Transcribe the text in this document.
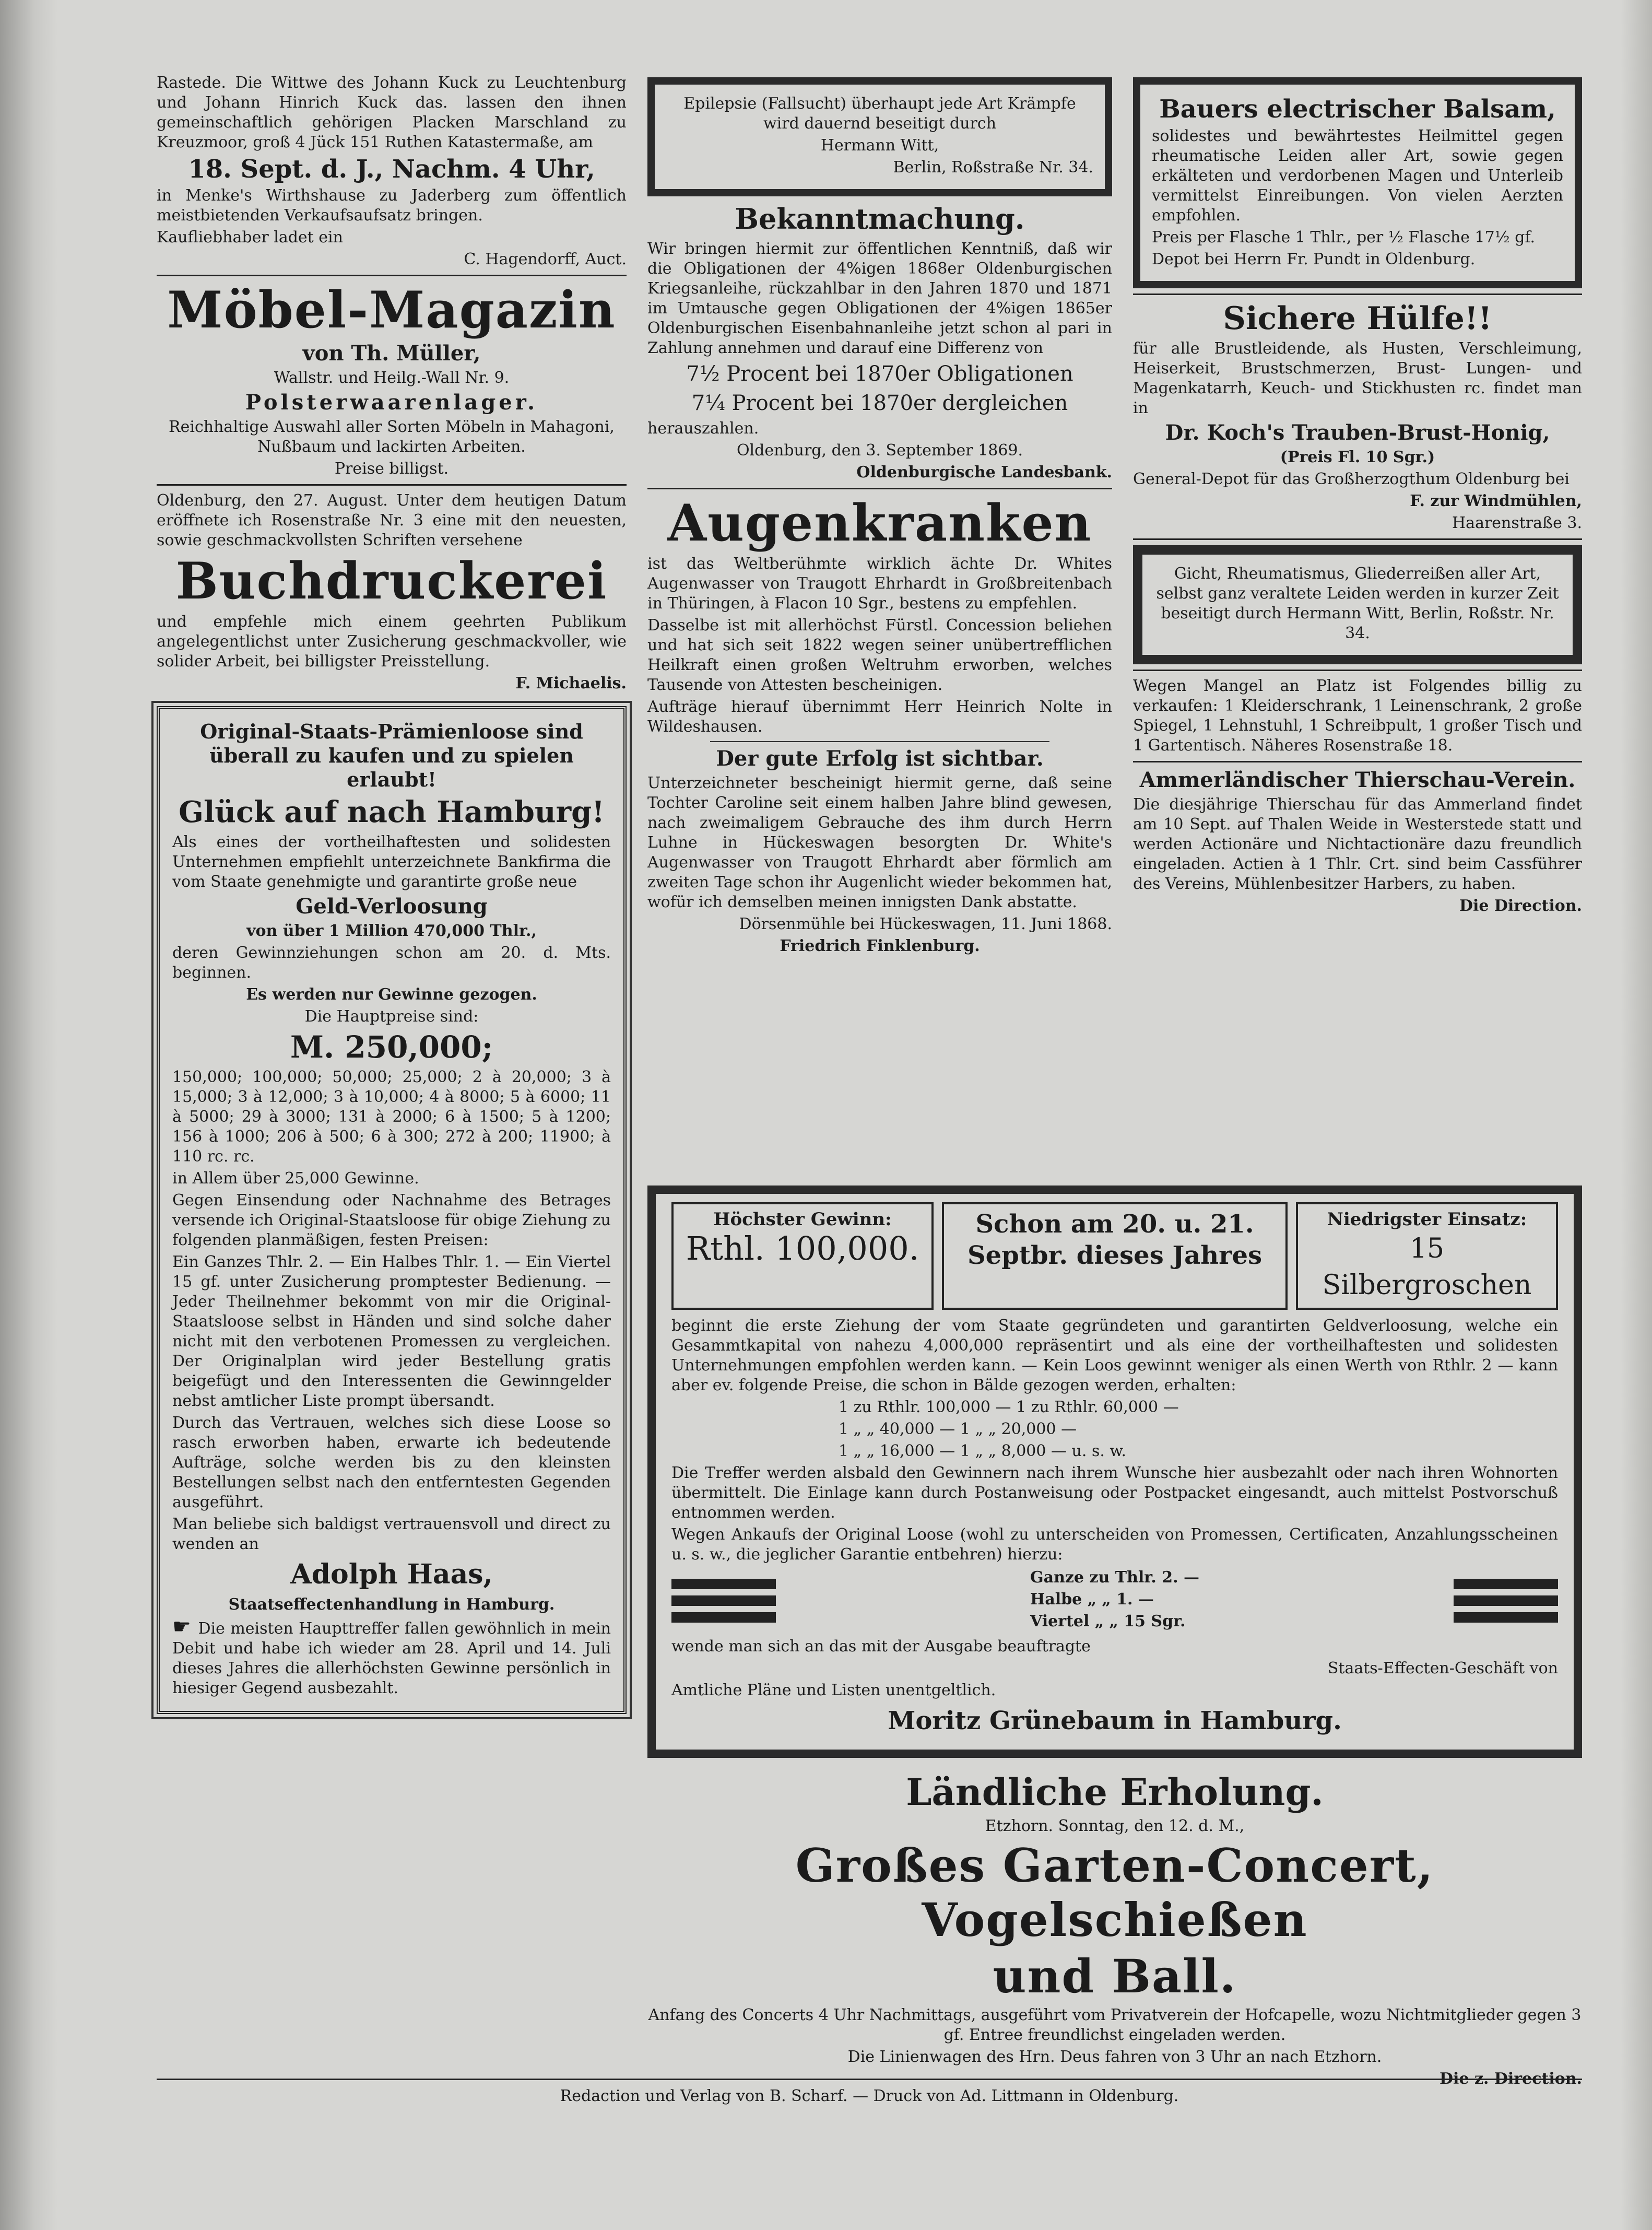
Rastede. Die Wittwe des Johann Kuck zu Leuchtenburg und Johann Hinrich Kuck das. lassen den ihnen gemeinschaftlich gehörigen Placken Marschland zu Kreuzmoor, groß 4 Jück 151 Ruthen Katastermaße, am

18. Sept. d. J., Nachm. 4 Uhr,

in Menke's Wirthshause zu Jaderberg zum öffentlich meistbietenden Verkaufsaufsatz bringen.

Kaufliebhaber ladet ein

C. Hagendorff, Auct.

Möbel-Magazin

von Th. Müller,

Wallstr. und Heilg.-Wall Nr. 9.

Polsterwaarenlager.

Reichhaltige Auswahl aller Sorten Möbeln in Mahagoni, Nußbaum und lackirten Arbeiten.

Preise billigst.

Oldenburg, den 27. August. Unter dem heutigen Datum eröffnete ich Rosenstraße Nr. 3 eine mit den neuesten, sowie geschmackvollsten Schriften versehene

Buchdruckerei

und empfehle mich einem geehrten Publikum angelegentlichst unter Zusicherung geschmackvoller, wie solider Arbeit, bei billigster Preisstellung.

F. Michaelis.

Original-Staats-Prämienloose sind überall zu kaufen und zu spielen erlaubt!

Glück auf nach Hamburg!

Als eines der vortheilhaftesten und solidesten Unternehmen empfiehlt unterzeichnete Bankfirma die vom Staate genehmigte und garantirte große neue

Geld-Verloosung

von über 1 Million 470,000 Thlr.,

deren Gewinnziehungen schon am 20. d. Mts. beginnen.

Es werden nur Gewinne gezogen.

Die Hauptpreise sind:

M. 250,000;

150,000; 100,000; 50,000; 25,000; 2 à 20,000; 3 à 15,000; 3 à 12,000; 3 à 10,000; 4 à 8000; 5 à 6000; 11 à 5000; 29 à 3000; 131 à 2000; 6 à 1500; 5 à 1200; 156 à 1000; 206 à 500; 6 à 300; 272 à 200; 11900; à 110 rc. rc.

in Allem über 25,000 Gewinne.

Gegen Einsendung oder Nachnahme des Betrages versende ich Original-Staatsloose für obige Ziehung zu folgenden planmäßigen, festen Preisen:

Ein Ganzes Thlr. 2. — Ein Halbes Thlr. 1. — Ein Viertel 15 gf. unter Zusicherung promptester Bedienung. — Jeder Theilnehmer bekommt von mir die Original-Staatsloose selbst in Händen und sind solche daher nicht mit den verbotenen Promessen zu vergleichen. Der Originalplan wird jeder Bestellung gratis beigefügt und den Interessenten die Gewinngelder nebst amtlicher Liste prompt übersandt.

Durch das Vertrauen, welches sich diese Loose so rasch erworben haben, erwarte ich bedeutende Aufträge, solche werden bis zu den kleinsten Bestellungen selbst nach den entferntesten Gegenden ausgeführt.

Man beliebe sich baldigst vertrauensvoll und direct zu wenden an

Adolph Haas,

Staatseffectenhandlung in Hamburg.

☛ Die meisten Haupttreffer fallen gewöhnlich in mein Debit und habe ich wieder am 28. April und 14. Juli dieses Jahres die allerhöchsten Gewinne persönlich in hiesiger Gegend ausbezahlt.

Epilepsie (Fallsucht) überhaupt jede Art Krämpfe wird dauernd beseitigt durch

Hermann Witt,

Berlin, Roßstraße Nr. 34.

Bekanntmachung.

Wir bringen hiermit zur öffentlichen Kenntniß, daß wir die Obligationen der 4%igen 1868er Oldenburgischen Kriegsanleihe, rückzahlbar in den Jahren 1870 und 1871 im Umtausche gegen Obligationen der 4%igen 1865er Oldenburgischen Eisenbahnanleihe jetzt schon al pari in Zahlung annehmen und darauf eine Differenz von

7½ Procent bei 1870er Obligationen

7¼ Procent bei 1870er dergleichen

herauszahlen.

Oldenburg, den 3. September 1869.

Oldenburgische Landesbank.

Augenkranken

ist das Weltberühmte wirklich ächte Dr. Whites Augenwasser von Traugott Ehrhardt in Großbreitenbach in Thüringen, à Flacon 10 Sgr., bestens zu empfehlen.

Dasselbe ist mit allerhöchst Fürstl. Concession beliehen und hat sich seit 1822 wegen seiner unübertrefflichen Heilkraft einen großen Weltruhm erworben, welches Tausende von Attesten bescheinigen.

Aufträge hierauf übernimmt Herr Heinrich Nolte in Wildeshausen.

Der gute Erfolg ist sichtbar.

Unterzeichneter bescheinigt hiermit gerne, daß seine Tochter Caroline seit einem halben Jahre blind gewesen, nach zweimaligem Gebrauche des ihm durch Herrn Luhne in Hückeswagen besorgten Dr. White's Augenwasser von Traugott Ehrhardt aber förmlich am zweiten Tage schon ihr Augenlicht wieder bekommen hat, wofür ich demselben meinen innigsten Dank abstatte.

Dörsenmühle bei Hückeswagen, 11. Juni 1868.

Friedrich Finklenburg.

Bauers electrischer Balsam,

solidestes und bewährtestes Heilmittel gegen rheumatische Leiden aller Art, sowie gegen erkälteten und verdorbenen Magen und Unterleib vermittelst Einreibungen. Von vielen Aerzten empfohlen.

Preis per Flasche 1 Thlr., per ½ Flasche 17½ gf.

Depot bei Herrn Fr. Pundt in Oldenburg.

Sichere Hülfe!!

für alle Brustleidende, als Husten, Verschleimung, Heiserkeit, Brustschmerzen, Brust- Lungen- und Magenkatarrh, Keuch- und Stickhusten rc. findet man in

Dr. Koch's Trauben-Brust-Honig,

(Preis Fl. 10 Sgr.)

General-Depot für das Großherzogthum Oldenburg bei

F. zur Windmühlen,

Haarenstraße 3.

Gicht, Rheumatismus, Gliederreißen aller Art, selbst ganz veraltete Leiden werden in kurzer Zeit beseitigt durch Hermann Witt, Berlin, Roßstr. Nr. 34.

Wegen Mangel an Platz ist Folgendes billig zu verkaufen: 1 Kleiderschrank, 1 Leinenschrank, 2 große Spiegel, 1 Lehnstuhl, 1 Schreibpult, 1 großer Tisch und 1 Gartentisch. Näheres Rosenstraße 18.

Ammerländischer Thierschau-Verein.

Die diesjährige Thierschau für das Ammerland findet am 10 Sept. auf Thalen Weide in Westerstede statt und werden Actionäre und Nichtactionäre dazu freundlich eingeladen. Actien à 1 Thlr. Crt. sind beim Cassführer des Vereins, Mühlenbesitzer Harbers, zu haben.

Die Direction.

Höchster Gewinn:
Rthl. 100,000.
Schon am 20. u. 21.
Septbr. dieses Jahres
Niedrigster Einsatz:
15 Silbergroschen

beginnt die erste Ziehung der vom Staate gegründeten und garantirten Geldverloosung, welche ein Gesammtkapital von nahezu 4,000,000 repräsentirt und als eine der vortheilhaftesten und solidesten Unternehmungen empfohlen werden kann. — Kein Loos gewinnt weniger als einen Werth von Rthlr. 2 — kann aber ev. folgende Preise, die schon in Bälde gezogen werden, erhalten:

1 zu Rthlr. 100,000 — 1 zu Rthlr. 60,000 —

1 „ „ 40,000 — 1 „ „ 20,000 —

1 „ „ 16,000 — 1 „ „ 8,000 — u. s. w.

Die Treffer werden alsbald den Gewinnern nach ihrem Wunsche hier ausbezahlt oder nach ihren Wohnorten übermittelt. Die Einlage kann durch Postanweisung oder Postpacket eingesandt, auch mittelst Postvorschuß entnommen werden.

Wegen Ankaufs der Original Loose (wohl zu unterscheiden von Promessen, Certificaten, Anzahlungsscheinen u. s. w., die jeglicher Garantie entbehren) hierzu:

Ganze zu Thlr. 2. —

Halbe „ „ 1. —

Viertel „ „ 15 Sgr.

wende man sich an das mit der Ausgabe beauftragte

Staats-Effecten-Geschäft von

Amtliche Pläne und Listen unentgeltlich.

Moritz Grünebaum in Hamburg.

Ländliche Erholung.

Etzhorn. Sonntag, den 12. d. M.,

Großes Garten-Concert, Vogelschießen

und Ball.

Anfang des Concerts 4 Uhr Nachmittags, ausgeführt vom Privatverein der Hofcapelle, wozu Nichtmitglieder gegen 3 gf. Entree freundlichst eingeladen werden.

Die Linienwagen des Hrn. Deus fahren von 3 Uhr an nach Etzhorn.

Die z. Direction.

Redaction und Verlag von B. Scharf. — Druck von Ad. Littmann in Oldenburg.
